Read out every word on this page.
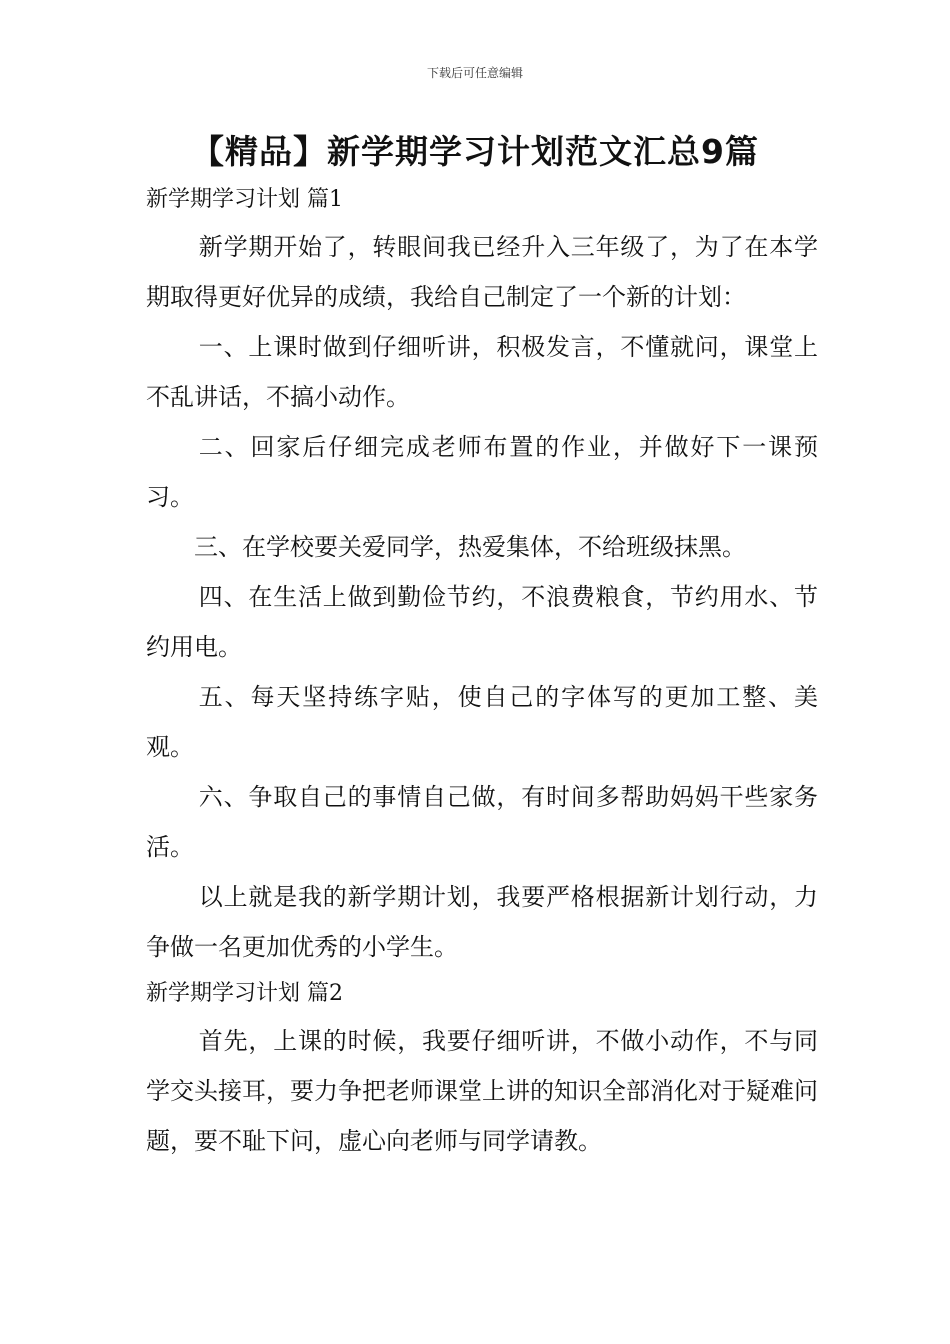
下载后可任意编辑
【精品】新学期学习计划范文汇总9篇

新学期学习计划 篇1

新学期开始了，转眼间我已经升入三年级了，为了在本学期取得更好优异的成绩，我给自己制定了一个新的计划：

一、上课时做到仔细听讲，积极发言，不懂就问，课堂上不乱讲话，不搞小动作。

二、回家后仔细完成老师布置的作业，并做好下一课预习。

三、在学校要关爱同学，热爱集体，不给班级抹黑。

四、在生活上做到勤俭节约，不浪费粮食，节约用水、节约用电。

五、每天坚持练字贴，使自己的字体写的更加工整、美观。

六、争取自己的事情自己做，有时间多帮助妈妈干些家务活。

以上就是我的新学期计划，我要严格根据新计划行动，力争做一名更加优秀的小学生。

新学期学习计划 篇2

首先，上课的时候，我要仔细听讲，不做小动作，不与同学交头接耳，要力争把老师课堂上讲的知识全部消化对于疑难问题，要不耻下问，虚心向老师与同学请教。
